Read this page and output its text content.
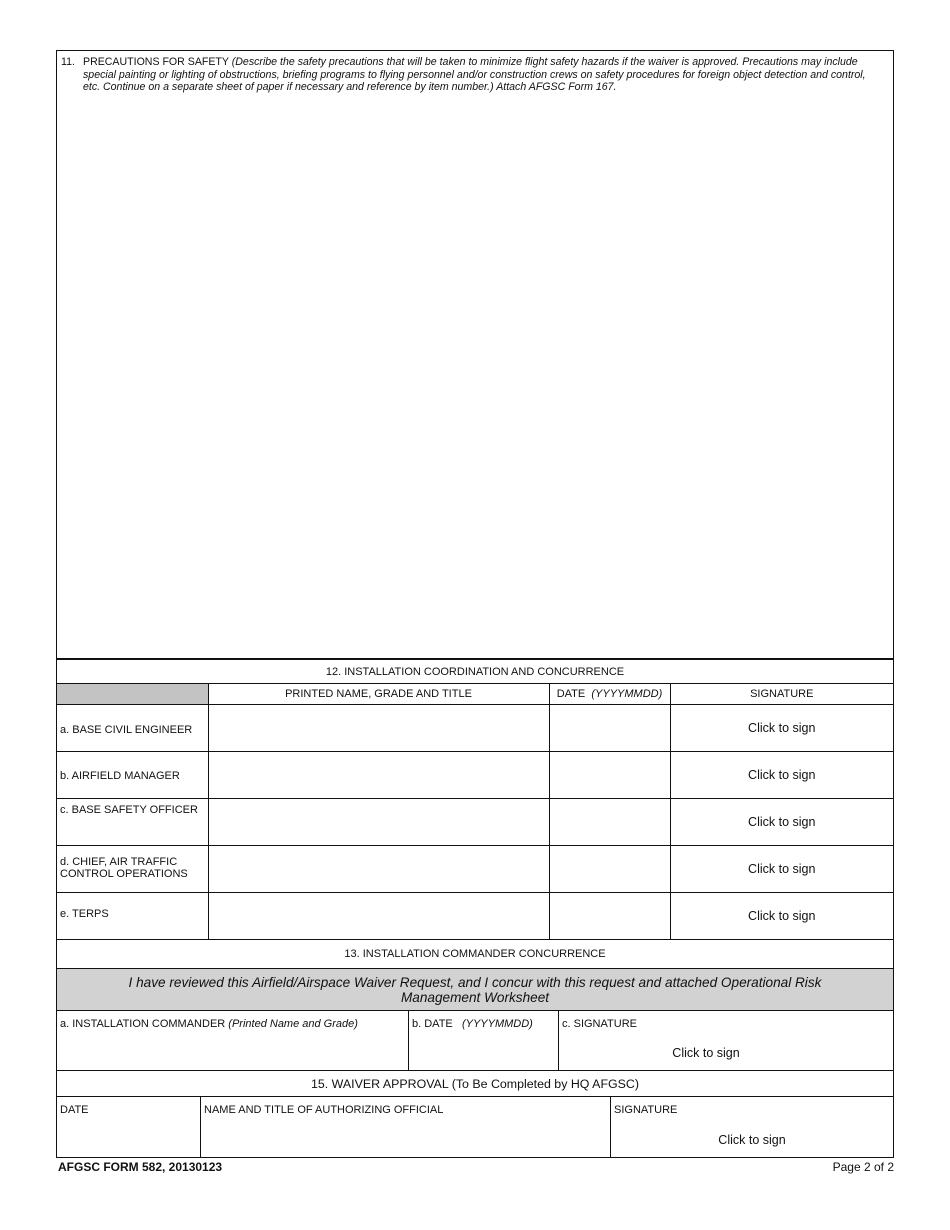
11. PRECAUTIONS FOR SAFETY (Describe the safety precautions that will be taken to minimize flight safety hazards if the waiver is approved. Precautions may include special painting or lighting of obstructions, briefing programs to flying personnel and/or construction crews on safety procedures for foreign object detection and control, etc. Continue on a separate sheet of paper if necessary and reference by item number.) Attach AFGSC Form 167.
12. INSTALLATION COORDINATION AND CONCURRENCE			
	PRINTED NAME, GRADE AND TITLE	DATE (YYYYMMDD)	SIGNATURE

a. BASE CIVIL ENGINEER			Click to sign

b. AIRFIELD MANAGER			Click to sign

c. BASE SAFETY OFFICER			Click to sign

d. CHIEF, AIR TRAFFIC CONTROL OPERATIONS			Click to sign

e. TERPS			Click to sign
13. INSTALLATION COMMANDER CONCURRENCE
I have reviewed this Airfield/Airspace Waiver Request, and I concur with this request and attached Operational Risk Management Worksheet
a. INSTALLATION COMMANDER (Printed Name and Grade)	b. DATE (YYYYMMDD)	c. SIGNATURE
Click to sign
15. WAIVER APPROVAL (To Be Completed by HQ AFGSC)
DATE	NAME AND TITLE OF AUTHORIZING OFFICIAL	SIGNATURE
Click to sign
AFGSC FORM 582, 20130123	Page 2 of 2
